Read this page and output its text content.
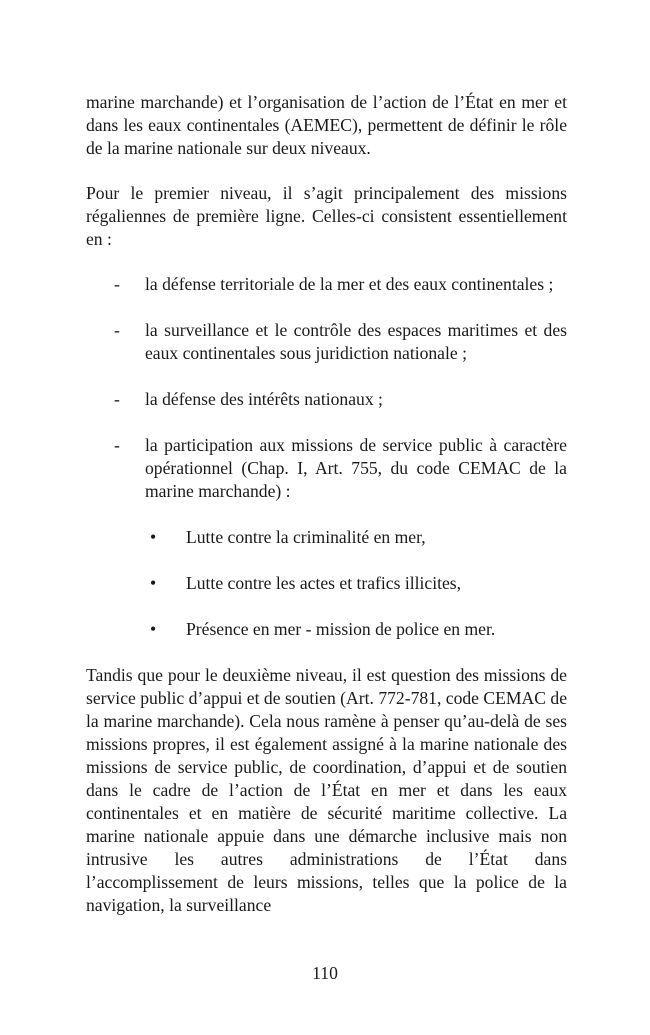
marine marchande) et l’organisation de l’action de l’État en mer et dans les eaux continentales (AEMEC), permettent de définir le rôle de la marine nationale sur deux niveaux.

Pour le premier niveau, il s’agit principalement des missions régaliennes de première ligne. Celles-ci consistent essentiellement en :

- la défense territoriale de la mer et des eaux continentales ;
- la surveillance et le contrôle des espaces maritimes et des eaux continentales sous juridiction nationale ;
- la défense des intérêts nationaux ;
- la participation aux missions de service public à caractère opérationnel (Chap. I, Art. 755, du code CEMAC de la marine marchande) :
• Lutte contre la criminalité en mer,
• Lutte contre les actes et trafics illicites,
• Présence en mer - mission de police en mer.

Tandis que pour le deuxième niveau, il est question des missions de service public d’appui et de soutien (Art. 772-781, code CEMAC de la marine marchande). Cela nous ramène à penser qu’au-delà de ses missions propres, il est également assigné à la marine nationale des missions de service public, de coordination, d’appui et de soutien dans le cadre de l’action de l’État en mer et dans les eaux continentales et en matière de sécurité maritime collective. La marine nationale appuie dans une démarche inclusive mais non intrusive les autres administrations de l’État dans l’accomplissement de leurs missions, telles que la police de la navigation, la surveillance

110
